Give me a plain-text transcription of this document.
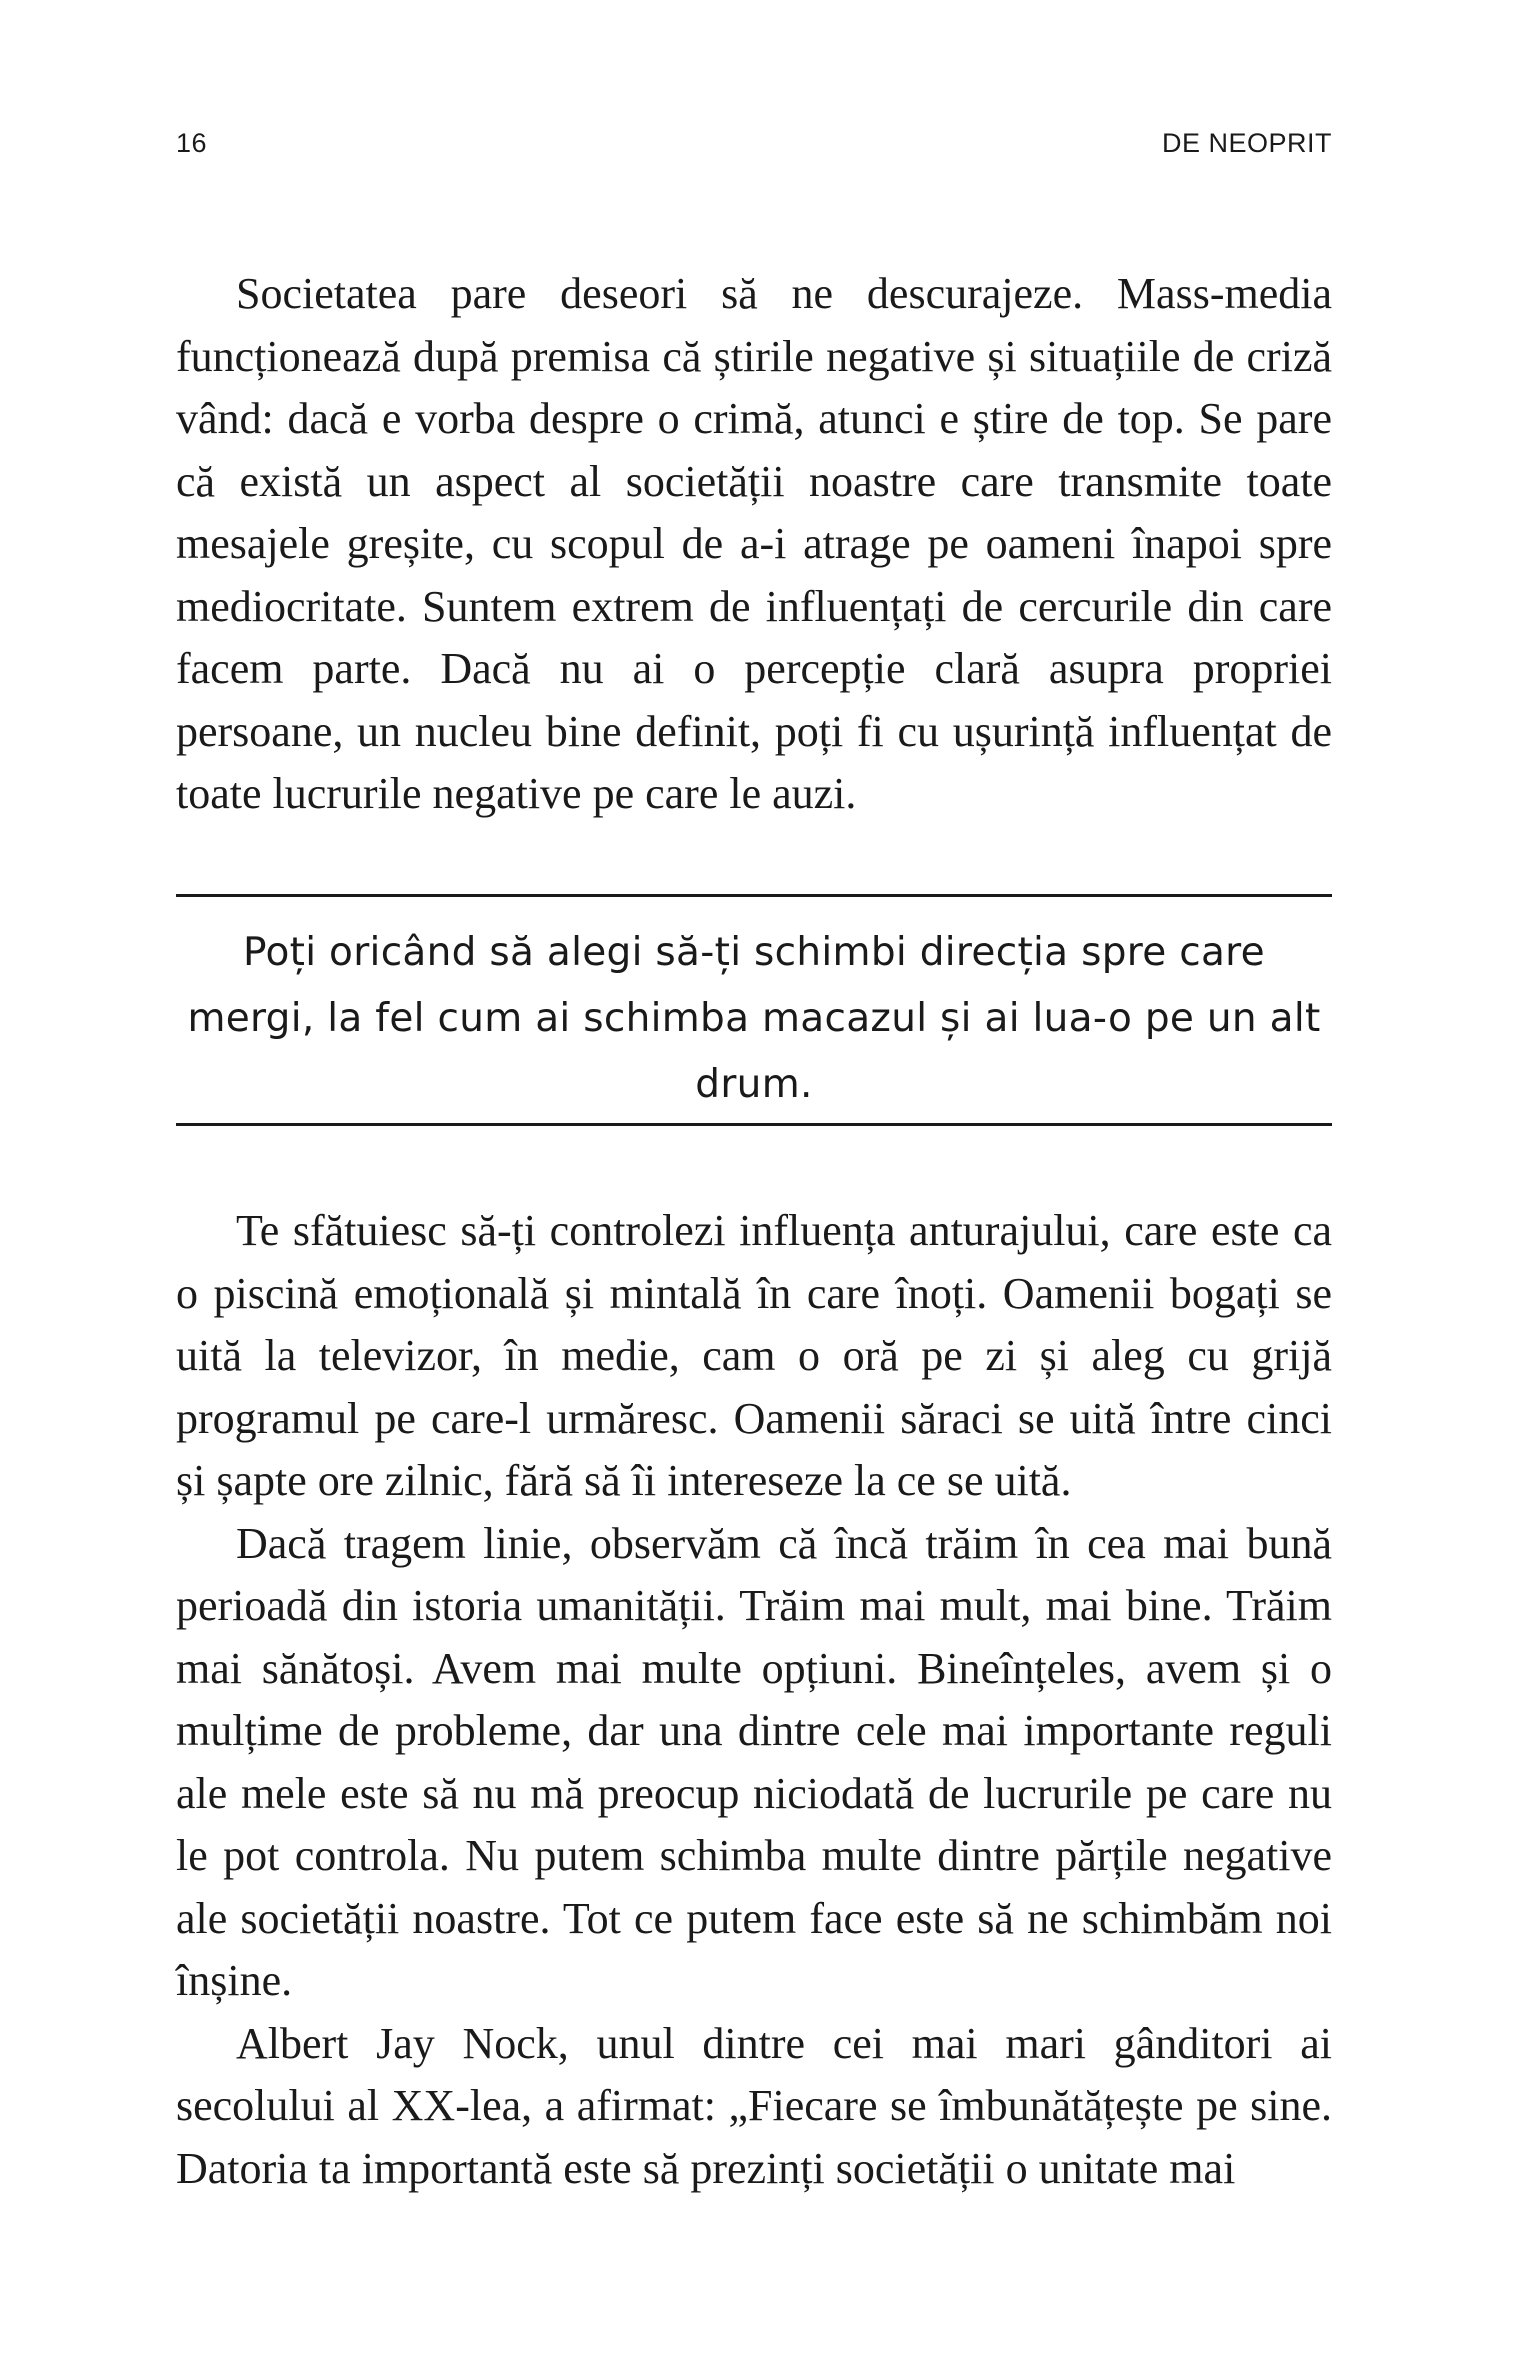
16	DE NEOPRIT

Societatea pare deseori să ne descurajeze. Mass-media funcționează după premisa că știrile negative și situațiile de criză vând: dacă e vorba despre o crimă, atunci e știre de top. Se pare că există un aspect al societății noastre care transmite toate mesajele greșite, cu scopul de a-i atrage pe oameni înapoi spre mediocritate. Suntem extrem de influențați de cercurile din care facem parte. Dacă nu ai o percepție clară asupra propriei persoane, un nucleu bine definit, poți fi cu ușurință influențat de toate lucrurile negative pe care le auzi.

Poți oricând să alegi să-ți schimbi direcția spre care mergi, la fel cum ai schimba macazul și ai lua-o pe un alt drum.

Te sfătuiesc să-ți controlezi influența anturajului, care este ca o piscină emoțională și mintală în care înoți. Oamenii bogați se uită la televizor, în medie, cam o oră pe zi și aleg cu grijă programul pe care-l urmăresc. Oamenii săraci se uită între cinci și șapte ore zilnic, fără să îi intereseze la ce se uită.

Dacă tragem linie, observăm că încă trăim în cea mai bună perioadă din istoria umanității. Trăim mai mult, mai bine. Trăim mai sănătoși. Avem mai multe opțiuni. Bineînțeles, avem și o mulțime de probleme, dar una dintre cele mai importante reguli ale mele este să nu mă preocup niciodată de lucrurile pe care nu le pot controla. Nu putem schimba multe dintre părțile negative ale societății noastre. Tot ce putem face este să ne schimbăm noi înșine.

Albert Jay Nock, unul dintre cei mai mari gânditori ai secolului al XX-lea, a afirmat: „Fiecare se îmbunătățește pe sine. Datoria ta importantă este să prezinți societății o unitate mai
